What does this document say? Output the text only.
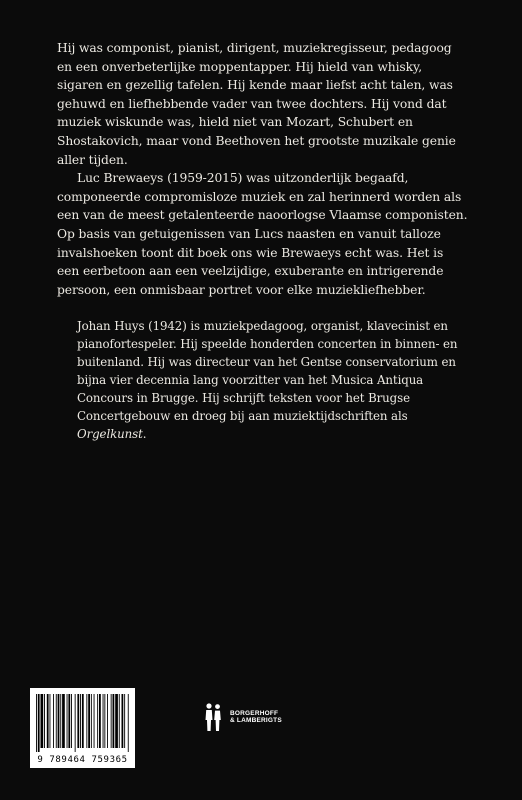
Hij was componist, pianist, dirigent, muziekregisseur, pedagoog en een onverbeterlijke moppentapper. Hij hield van whisky, sigaren en gezellig tafelen. Hij kende maar liefst acht talen, was gehuwd en liefhebbende vader van twee dochters. Hij vond dat muziek wiskunde was, hield niet van Mozart, Schubert en Shostakovich, maar vond Beethoven het grootste muzikale genie aller tijden.

Luc Brewaeys (1959-2015) was uitzonderlijk begaafd, componeerde compromisloze muziek en zal herinnerd worden als een van de meest getalenteerde naoorlogse Vlaamse componisten. Op basis van getuigenissen van Lucs naasten en vanuit talloze invalshoeken toont dit boek ons wie Brewaeys echt was. Het is een eerbetoon aan een veelzijdige, exuberante en intrigerende persoon, een onmisbaar portret voor elke muziekliefhebber.

Johan Huys (1942) is muziekpedagoog, organist, klavecinist en pianofortespeler. Hij speelde honderden concerten in binnen- en buitenland. Hij was directeur van het Gentse conservatorium en bijna vier decennia lang voorzitter van het Musica Antiqua Concours in Brugge. Hij schrijft teksten voor het Brugse Concertgebouw en droeg bij aan muziektijdschriften als Orgelkunst.

9 789464 759365
BORGERHOFF
& LAMBERIGTS
